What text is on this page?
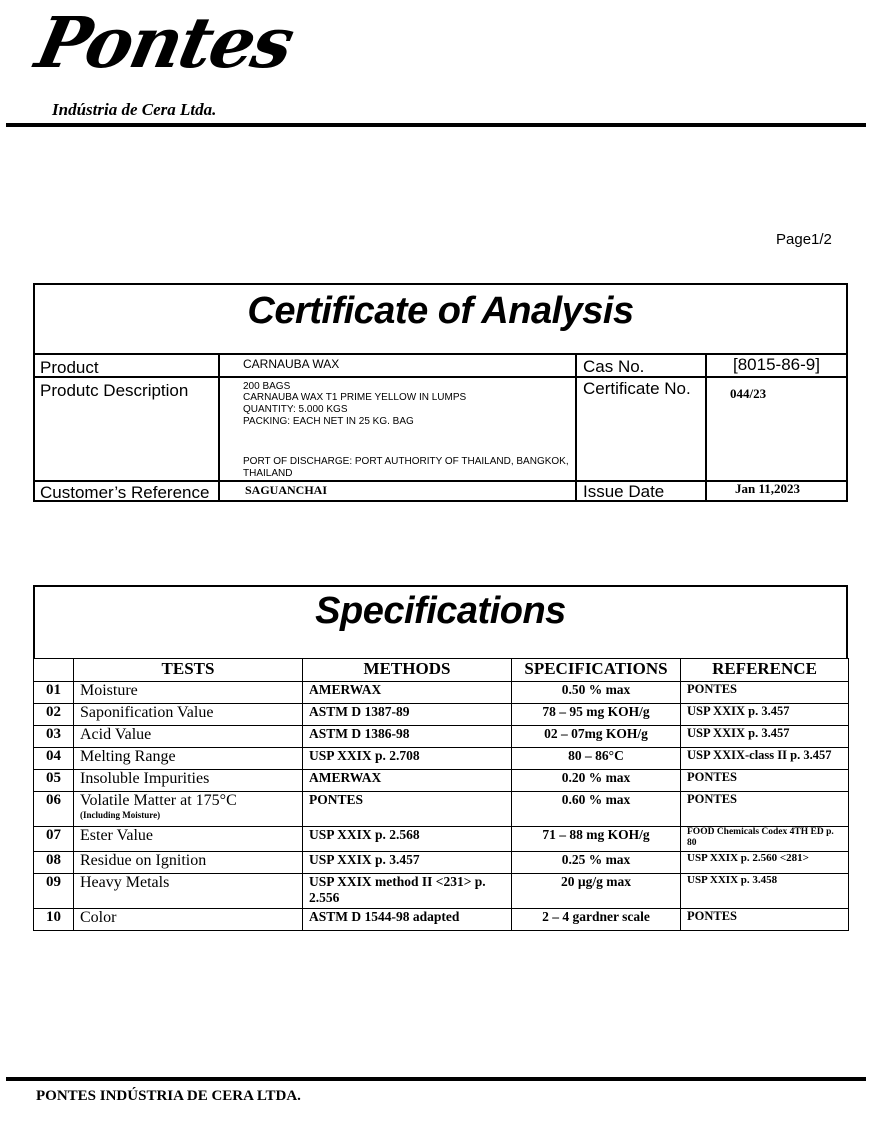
Pontes
Indústria de Cera Ltda.
Page1/2
Certificate of Analysis
Product	CARNAUBA WAX	Cas No.	[8015-86-9]
Produtc Description	200 BAGS
CARNAUBA WAX T1 PRIME YELLOW IN LUMPS
QUANTITY: 5.000 KGS
PACKING: EACH NET IN 25 KG. BAG
PORT OF DISCHARGE: PORT AUTHORITY OF THAILAND, BANGKOK,
THAILAND
Certificate No.	044/23
Customer’s Reference	SAGUANCHAI	Issue Date	Jan 11,2023
Specifications
	TESTS	METHODS	SPECIFICATIONS	REFERENCE
01	Moisture	AMERWAX	0.50 % max	PONTES
02	Saponification Value	ASTM D 1387-89	78 – 95 mg KOH/g	USP XXIX p. 3.457
03	Acid Value	ASTM D 1386-98	02 – 07mg KOH/g	USP XXIX p. 3.457
04	Melting Range	USP XXIX p. 2.708	80 – 86°C	USP XXIX-class II p. 3.457
05	Insoluble Impurities	AMERWAX	0.20 % max	PONTES
06	Volatile Matter at 175°C
(Including Moisture)	PONTES	0.60 % max	PONTES
07	Ester Value	USP XXIX p. 2.568	71 – 88 mg KOH/g	FOOD Chemicals Codex 4TH ED p. 80
08	Residue on Ignition	USP XXIX p. 3.457	0.25 % max	USP XXIX p. 2.560 <281>
09	Heavy Metals	USP XXIX method II <231> p. 2.556	20 µg/g max	USP XXIX p. 3.458
10	Color	ASTM D 1544-98 adapted	2 – 4 gardner scale	PONTES
PONTES INDÚSTRIA DE CERA LTDA.
